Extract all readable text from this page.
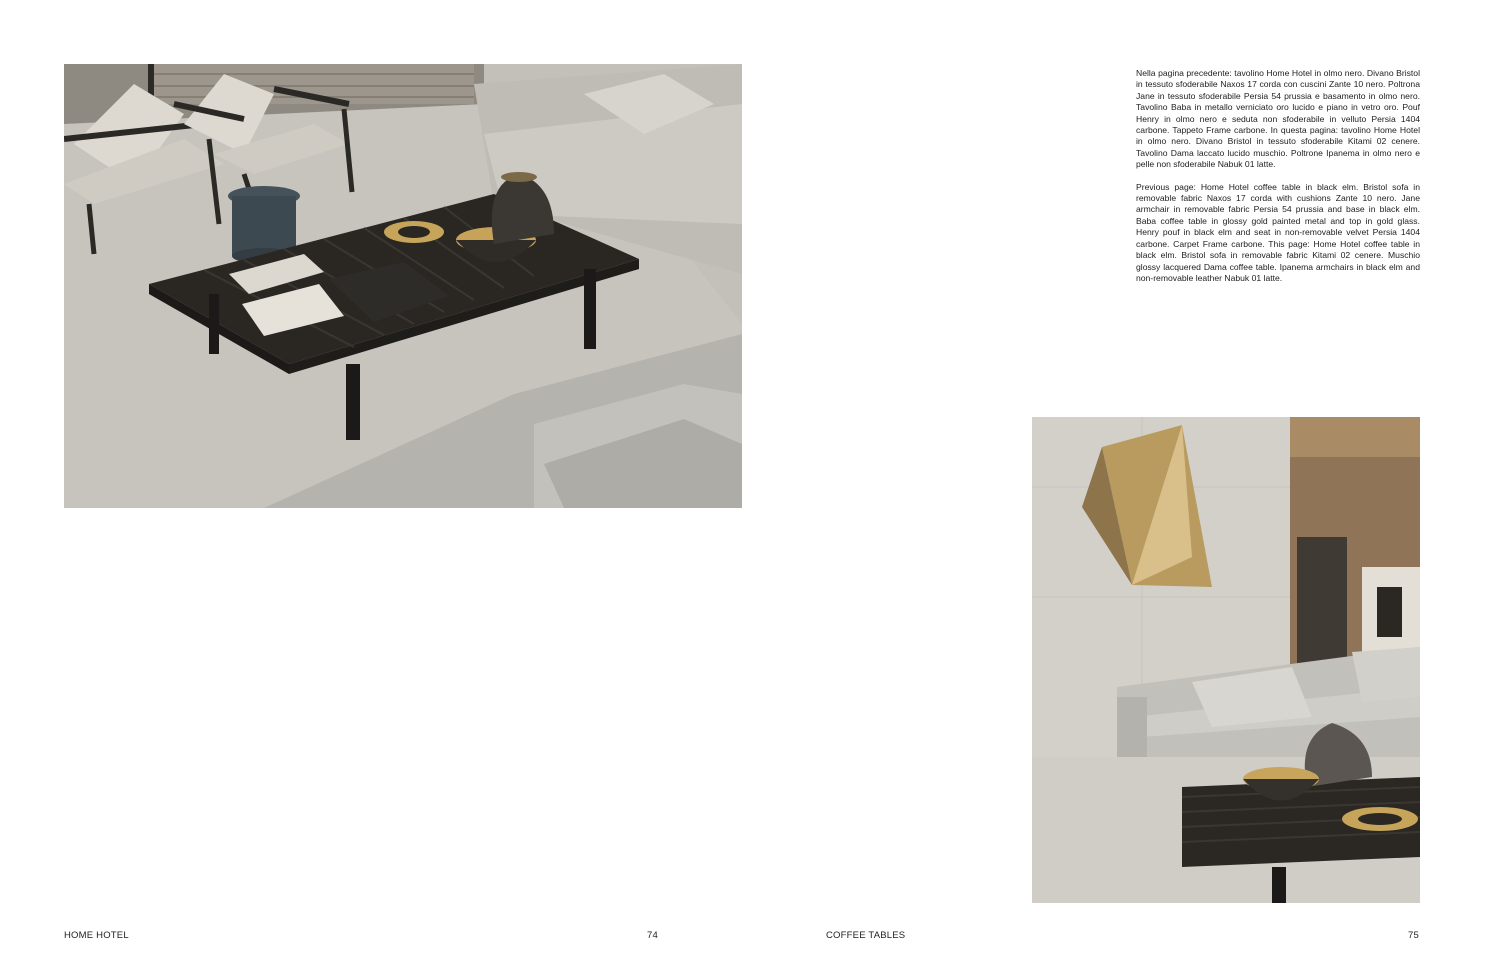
Nella pagina precedente: tavolino Home Hotel in olmo nero. Divano Bristol in tessuto sfoderabile Naxos 17 corda con cuscini Zante 10 nero. Poltrona Jane in tessuto sfoderabile Persia 54 prussia e basamento in olmo nero. Tavolino Baba in metallo verniciato oro lucido e piano in vetro oro. Pouf Henry in olmo nero e seduta non sfoderabile in velluto Persia 1404 carbone. Tappeto Frame carbone. In questa pagina: tavolino Home Hotel in olmo nero. Divano Bristol in tessuto sfoderabile Kitami 02 cenere. Tavolino Dama laccato lucido muschio. Poltrone Ipanema in olmo nero e pelle non sfoderabile Nabuk 01 latte.

Previous page: Home Hotel coffee table in black elm. Bristol sofa in removable fabric Naxos 17 corda with cushions Zante 10 nero. Jane armchair in removable fabric Persia 54 prussia and base in black elm. Baba coffee table in glossy gold painted metal and top in gold glass. Henry pouf in black elm and seat in non-removable velvet Persia 1404 carbone. Carpet Frame carbone. This page: Home Hotel coffee table in black elm. Bristol sofa in removable fabric Kitami 02 cenere. Muschio glossy lacquered Dama coffee table. Ipanema armchairs in black elm and non-removable leather Nabuk 01 latte.

HOME HOTEL	74	COFFEE TABLES	75
